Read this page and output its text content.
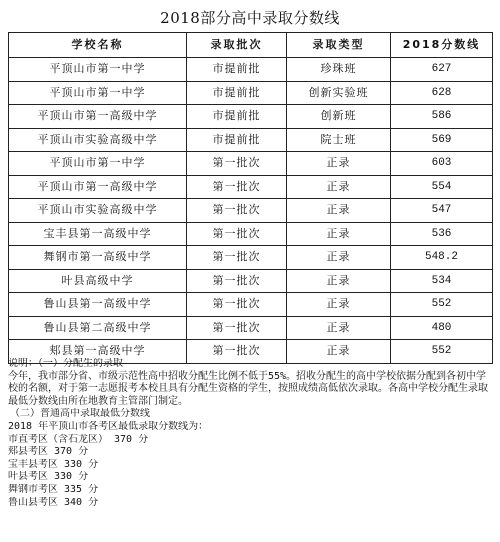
2018部分高中录取分数线
学校名称	录取批次	录取类型	2018分数线
平顶山市第一中学	市提前批	珍珠班	627
平顶山市第一中学	市提前批	创新实验班	628
平顶山市第一高级中学	市提前批	创新班	586
平顶山市实验高级中学	市提前批	院士班	569
平顶山市第一中学	第一批次	正录	603
平顶山市第一高级中学	第一批次	正录	554
平顶山市实验高级中学	第一批次	正录	547
宝丰县第一高级中学	第一批次	正录	536
舞钢市第一高级中学	第一批次	正录	548.2
叶县高级中学	第一批次	正录	534
鲁山县第一高级中学	第一批次	正录	552
鲁山县第二高级中学	第一批次	正录	480
郏县第一高级中学	第一批次	正录	552
说明：（一）分配生的录取
今年，我市部分省、市级示范性高中招收分配生比例不低于55%。招收分配生的高中学校依据分配到各初中学校的名额，对于第一志愿报考本校且具有分配生资格的学生，按照成绩高低依次录取。各高中学校分配生录取最低分数线由所在地教育主管部门制定。
（二）普通高中录取最低分数线
2018 年平顶山市各考区最低录取分数线为：
市直考区（含石龙区） 370 分
郏县考区 370 分
宝丰县考区 330 分
叶县考区 330 分
舞钢市考区 335 分
鲁山县考区 340 分
